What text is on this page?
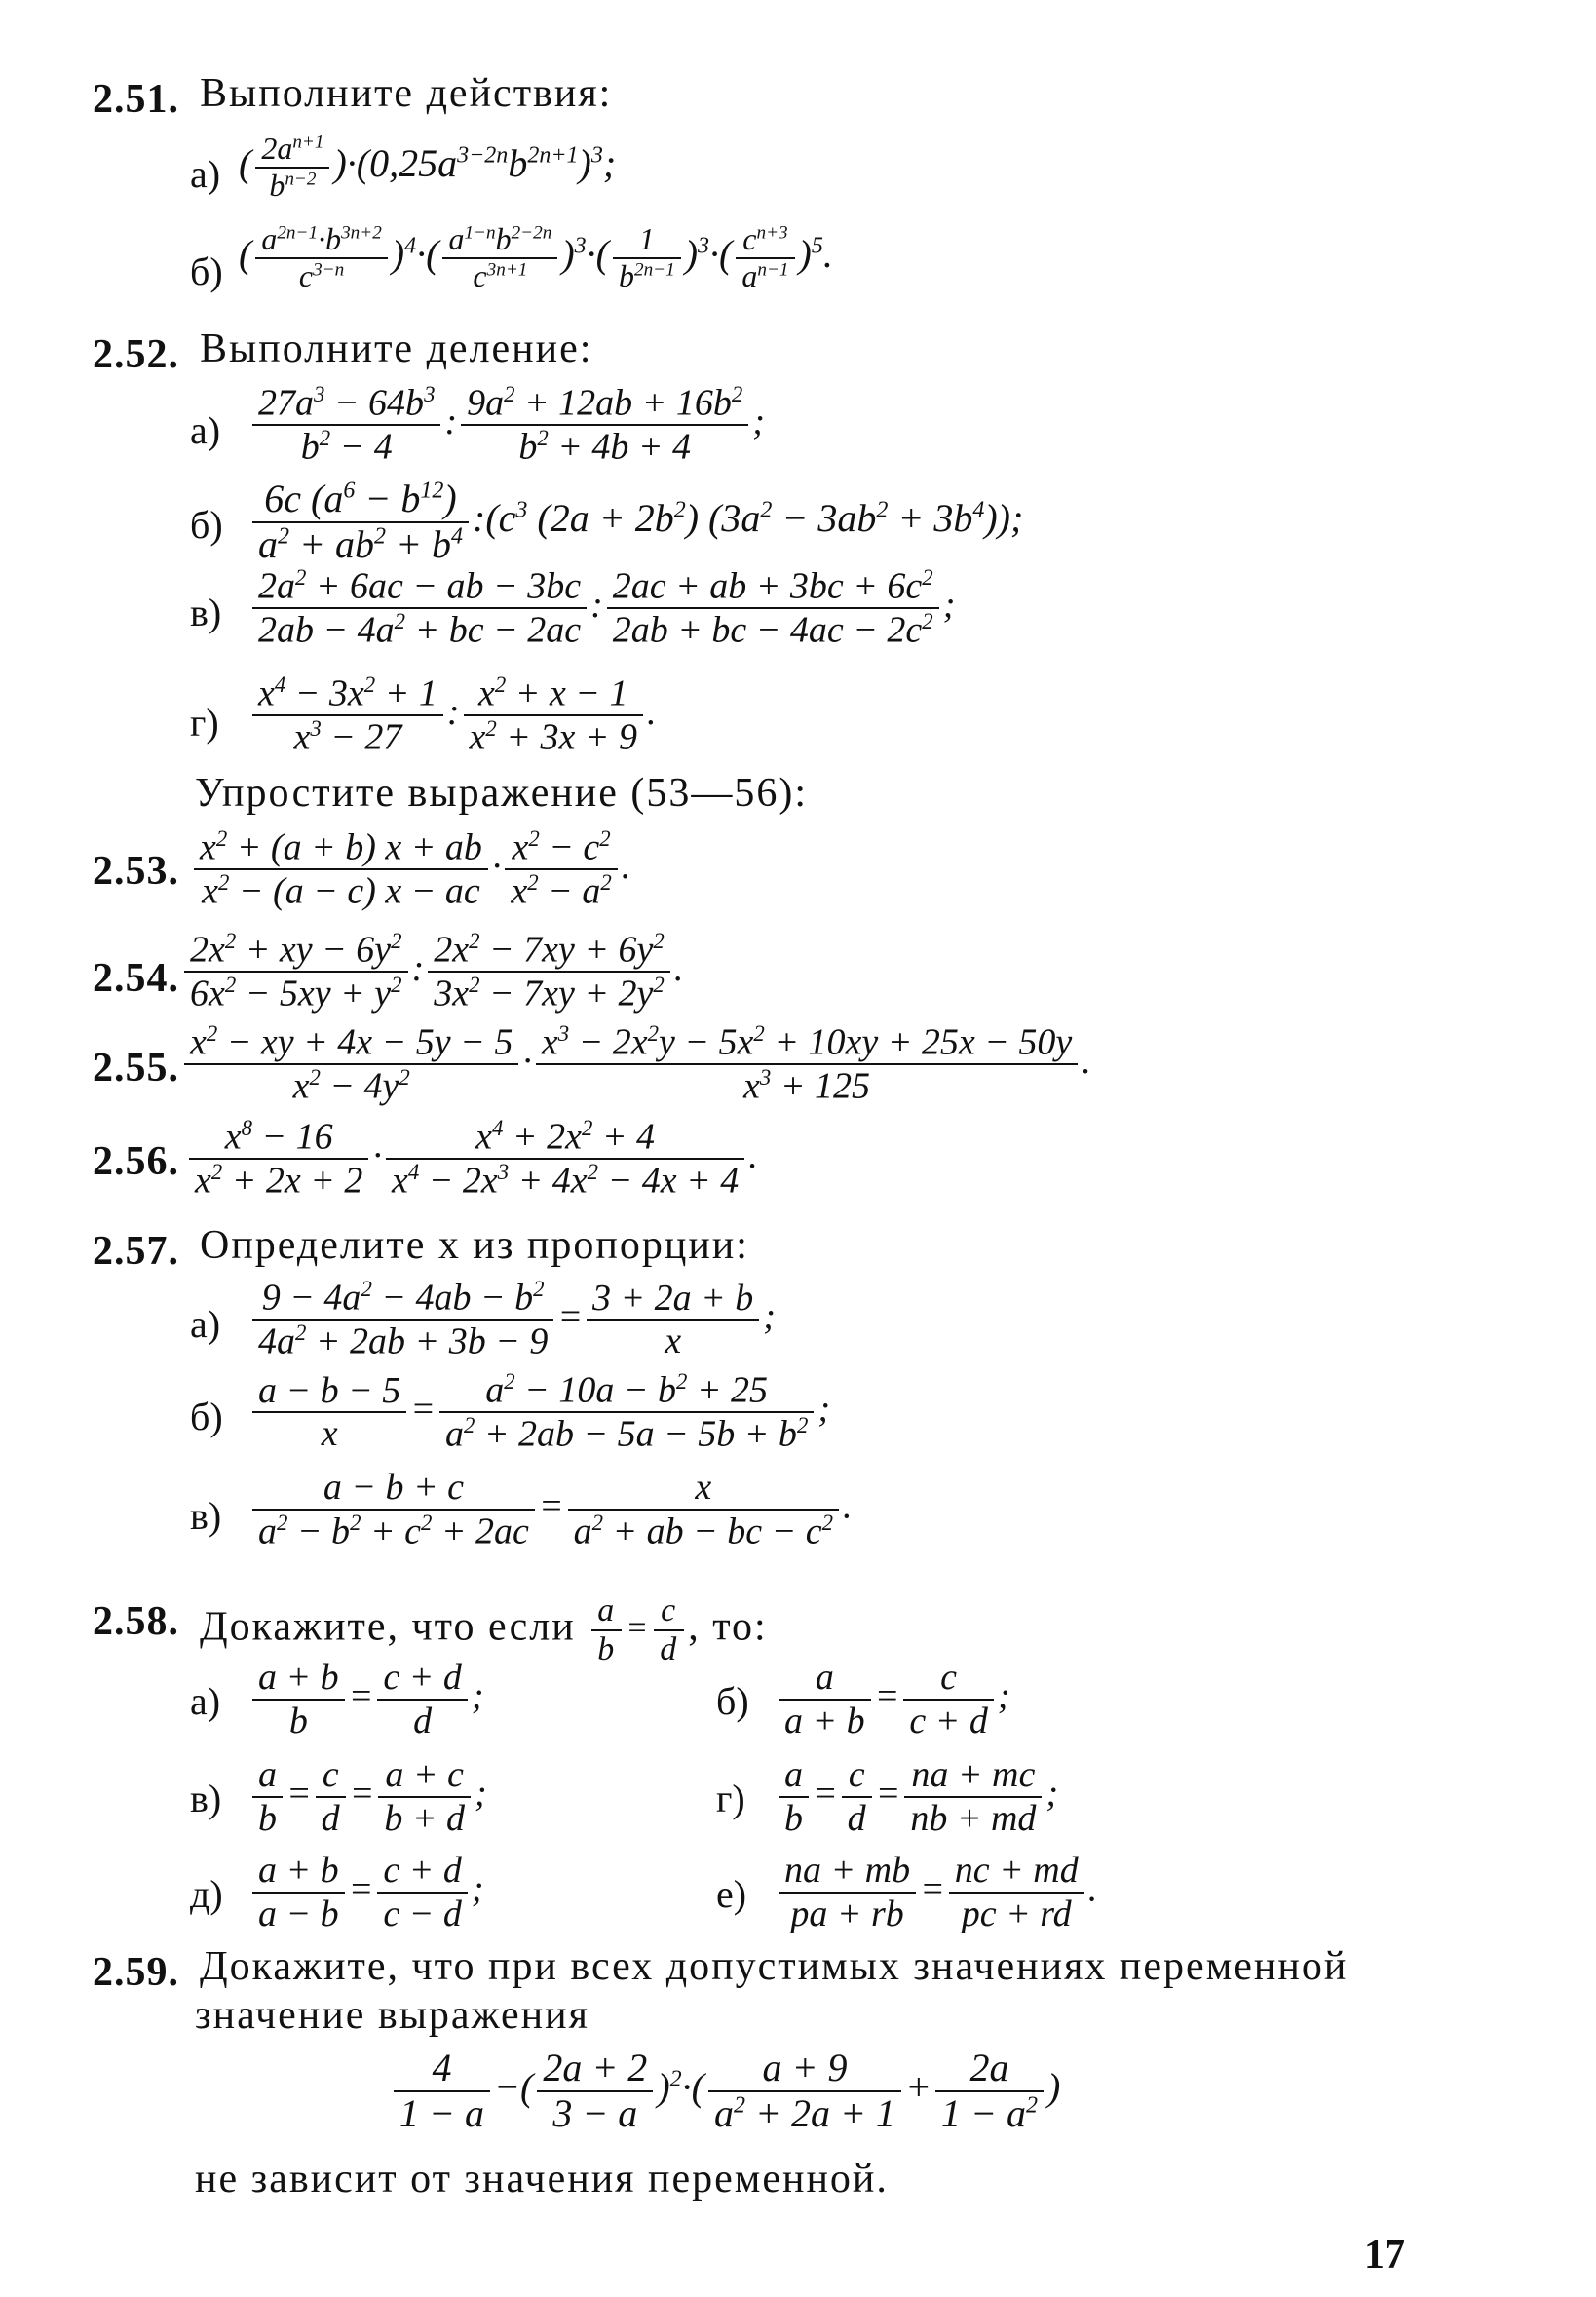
2.51. Выполните действия:
а) ( $\frac{2a^{n+1}}{b^{n-2}} )\cdot(0,25a^{3-2n}b^{2n+1})^3$;
б) ( $\frac{a^{2n-1}\cdot b^{3n+2}}{c^{3-n}} )^4\cdot( \frac{a^{1-n}b^{2-2n}}{c^{3n+1}} )^3\cdot( \frac{1}{b^{2n-1}} )^3\cdot( \frac{c^{n+3}}{a^{n-1}} )^5$.
2.52. Выполните деление:
$а) \frac{27a^3 - 64b^3}{b^2 - 4}$ : $\frac{9a^2 + 12ab + 16b^2}{b^2 + 4b + 4}$ ;
$б) \frac{6c (a^6 - b^{12})}{a^2 + ab^2 + b^4}$ $:(c^3$ $(2a + 2b^2)$ $(3a^2 - 3ab^2 + 3b^4)$);
$в) \frac{2a^2 + 6ac - ab - 3bc}{2ab - 4a^2 + bc - 2ac}$ : $\frac{2ac + ab + 3bc + 6c^2}{2ab + bc - 4ac - 2c^2}$ ;
$г) \frac{x^4 - 3x^2 + 1}{x^3 - 27}$ : $\frac{x^2 + x - 1}{x^2 + 3x + 9}$ .
Упростите выражение (53—56):
2.53. $\frac{x^2 + (a + b) x + ab}{x^2 - (a - c) x - ac} \cdot \frac{x^2 - c^2}{x^2 - a^2}$ .
2.54. $\frac{2x^2 + xy - 6y^2}{6x^2 - 5xy + y^2}$ : $\frac{2x^2 - 7xy + 6y^2}{3x^2 - 7xy + 2y^2}$ .
2.55. $\frac{x^2 - xy + 4x - 5y - 5}{x^2 - 4y^2} \cdot \frac{x^3 - 2x^2y - 5x^2 + 10xy + 25x - 50y}{x^3 + 125}$ .
2.56. $\frac{x^8 - 16}{x^2 + 2x + 2} \cdot \frac{x^4 + 2x^2 + 4}{x^4 - 2x^3 + 4x^2 - 4x + 4}$ .
2.57. Определите x из пропорции:
$а) \frac{9 - 4a^2 - 4ab - b^2}{4a^2 + 2ab + 3b - 9} = \frac{3 + 2a + b}{x}$ ;
$б) \frac{a - b - 5}{x} = \frac{a^2 - 10a - b^2 + 25}{a^2 + 2ab - 5a - 5b + b^2}$ ;
$в) \frac{a - b + c}{a^2 - b^2 + c^2 + 2ac} = \frac{x}{a^2 + ab - bc - c^2}$ .
2.58. Докажите, что если $\frac{a}{b} = \frac{c}{d}$ , то:
$а) \frac{a + b}{b} = \frac{c + d}{d}$ ;	$б) \frac{a}{a + b} = \frac{c}{c + d}$ ;
$в) \frac{a}{b} = \frac{c}{d} = \frac{a + c}{b + d}$ ;	$г) \frac{a}{b} = \frac{c}{d} = \frac{na + mc}{nb + md}$ ;
$д) \frac{a + b}{a - b} = \frac{c + d}{c - d}$ ;	$е) \frac{na + mb}{pa + rb} = \frac{nc + md}{pc + rd}$ .
2.59. Докажите, что при всех допустимых значениях переменной
значение выражения
$\frac{4}{1 - a}$ −( $\frac{2a + 2}{3 - a} )^2\cdot( \frac{a + 9}{a^2 + 2a + 1} + \frac{2a}{1 - a^2}$ )
не зависит от значения переменной.
17
